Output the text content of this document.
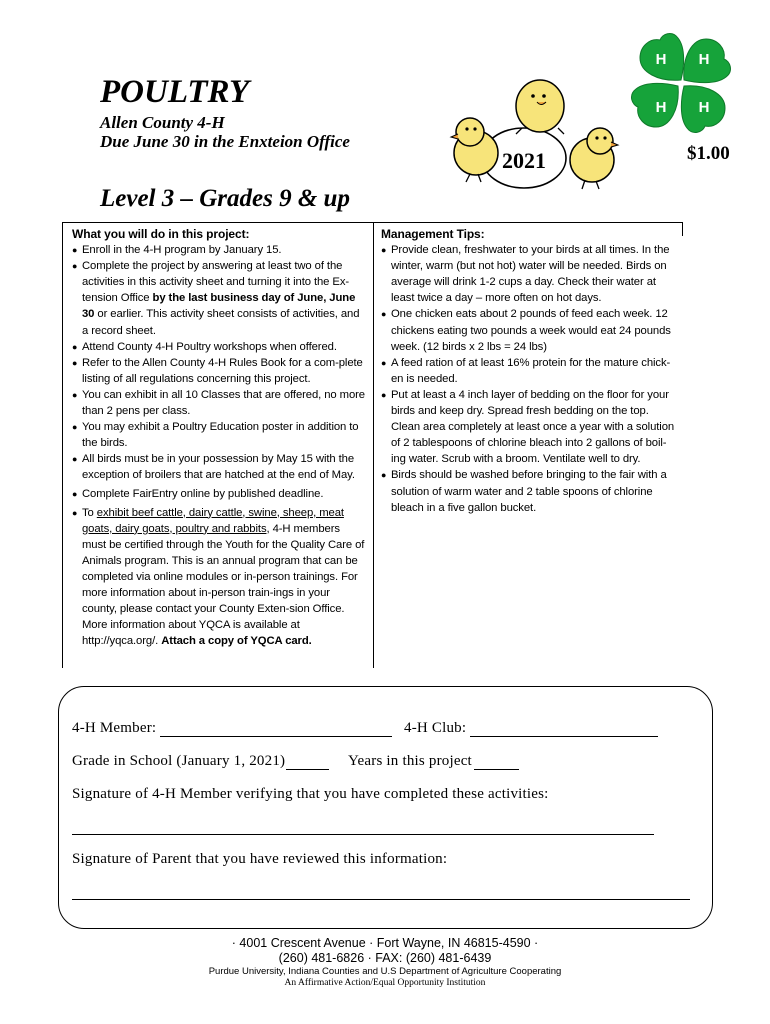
POULTRY
Allen County 4-H
Due June 30 in the Enxteion Office
Level 3 – Grades 9 & up
2021
H H
H
H
$1.00
What you will do in this project:
● Enroll in the 4-H program by January 15.
● Complete the project by answering at least two of the activities in this activity sheet and turning it into the Ex-tension Office by the last business day of June, June 30 or earlier. This activity sheet consists of activities, and a record sheet.
● Attend County 4-H Poultry workshops when offered.
● Refer to the Allen County 4-H Rules Book for a com-plete listing of all regulations concerning this project.
● You can exhibit in all 10 Classes that are offered, no more than 2 pens per class.
● You may exhibit a Poultry Education poster in addition to the birds.
● All birds must be in your possession by May 15 with the exception of broilers that are hatched at the end of May.
● Complete FairEntry online by published deadline.
● To exhibit beef cattle, dairy cattle, swine, sheep, meat goats, dairy goats, poultry and rabbits, 4-H members must be certified through the Youth for the Quality Care of Animals program. This is an annual program that can be completed via online modules or in-person trainings. For more information about in-person train-ings in your county, please contact your County Exten-sion Office. More information about YQCA is available at http://yqca.org/. Attach a copy of YQCA card.
Management Tips:
● Provide clean, freshwater to your birds at all times. In the winter, warm (but not hot) water will be needed. Birds on average will drink 1-2 cups a day. Check their water at least twice a day – more often on hot days.
● One chicken eats about 2 pounds of feed each week. 12 chickens eating two pounds a week would eat 24 pounds week. (12 birds x 2 lbs = 24 lbs)
● A feed ration of at least 16% protein for the mature chick-en is needed.
● Put at least a 4 inch layer of bedding on the floor for your birds and keep dry. Spread fresh bedding on the top. Clean area completely at least once a year with a solution of 2 tablespoons of chlorine bleach into 2 gallons of boil-ing water. Scrub with a broom. Ventilate well to dry.
● Birds should be washed before bringing to the fair with a solution of warm water and 2 table spoons of chlorine bleach in a five gallon bucket.
4-H Member:	4-H Club:
Grade in School (January 1, 2021)	Years in this project
Signature of 4-H Member verifying that you have completed these activities:
Signature of Parent that you have reviewed this information:
· 4001 Crescent Avenue · Fort Wayne, IN 46815-4590 ·
(260) 481-6826 · FAX: (260) 481-6439
Purdue University, Indiana Counties and U.S Department of Agriculture Cooperating
An Affirmative Action/Equal Opportunity Institution
